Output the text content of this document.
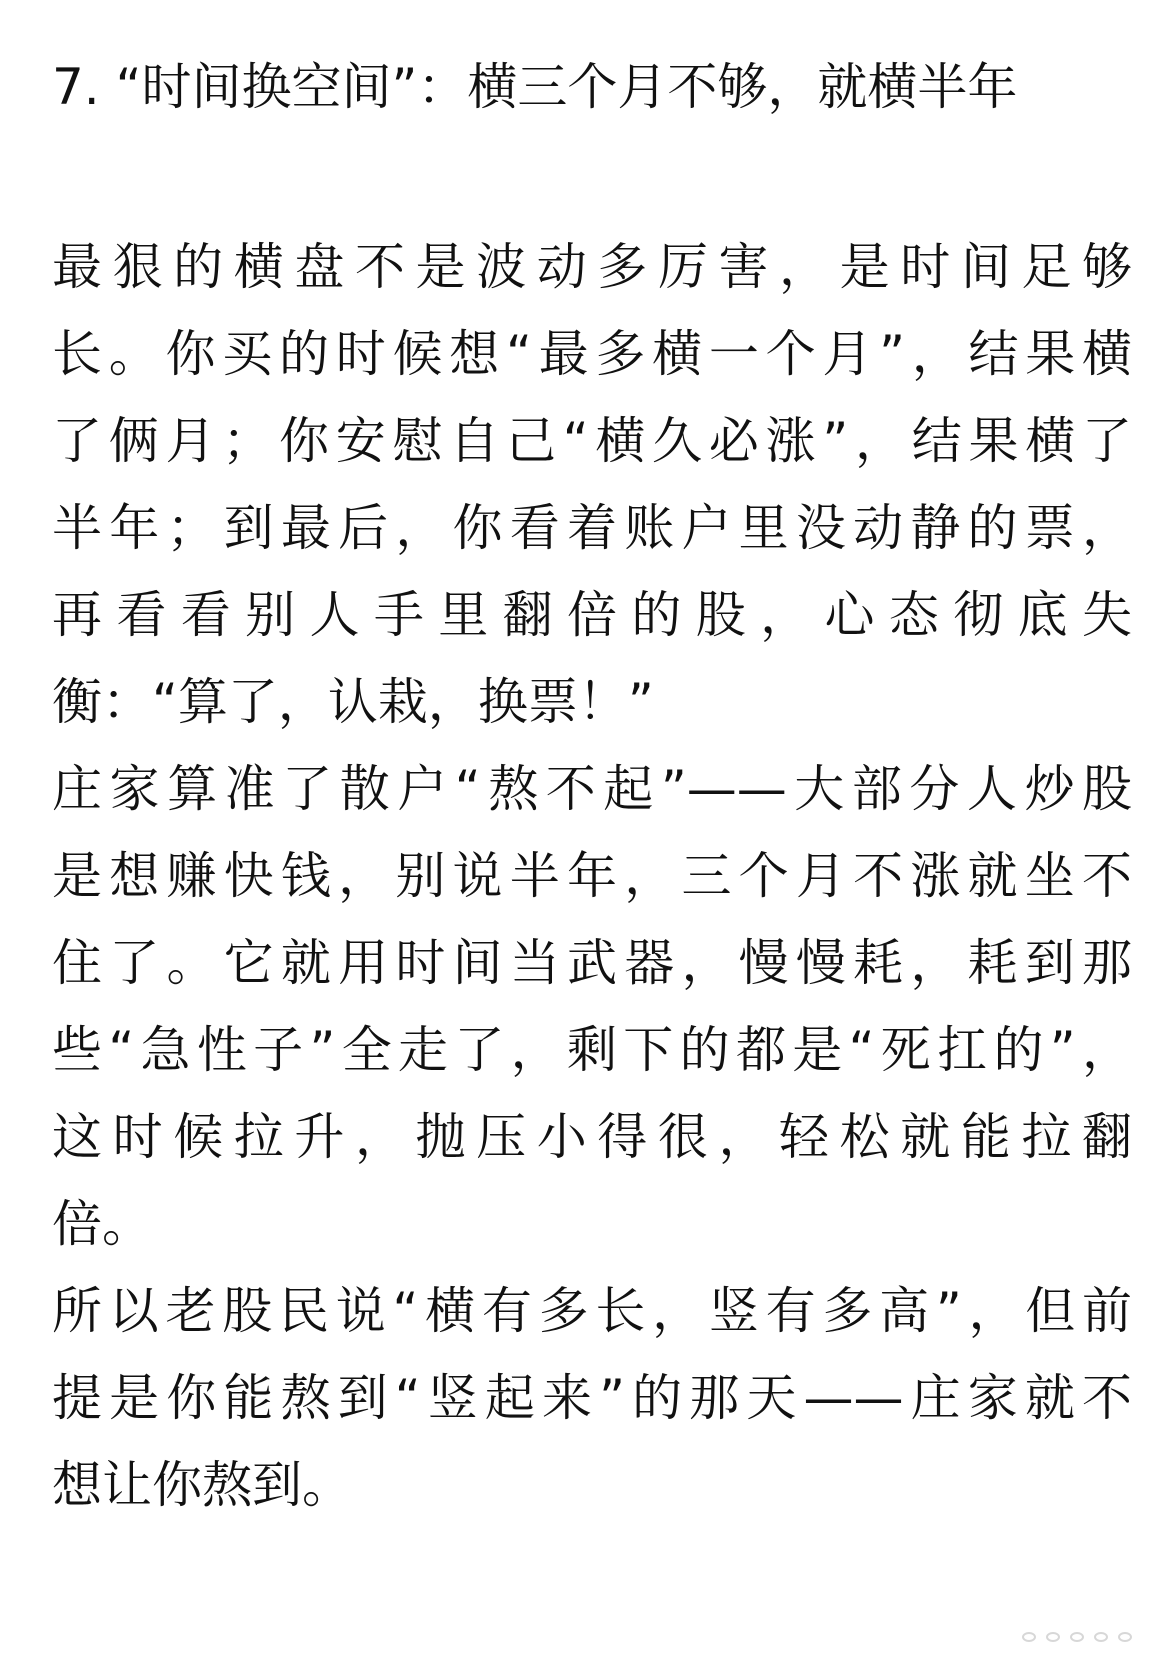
7. “时间换空间”：横三个月不够，就横半年

最狠的横盘不是波动多厉害，是时间足够

长。你买的时候想“最多横一个月”，结果横

了俩月；你安慰自己“横久必涨”，结果横了

半年；到最后，你看着账户里没动静的票，

再看看别人手里翻倍的股，心态彻底失

衡：“算了，认栽，换票！”

庄家算准了散户“熬不起”——大部分人炒股

是想赚快钱，别说半年，三个月不涨就坐不

住了。它就用时间当武器，慢慢耗，耗到那

些“急性子”全走了，剩下的都是“死扛的”，

这时候拉升，抛压小得很，轻松就能拉翻

倍。

所以老股民说“横有多长，竖有多高”，但前

提是你能熬到“竖起来”的那天——庄家就不

想让你熬到。
